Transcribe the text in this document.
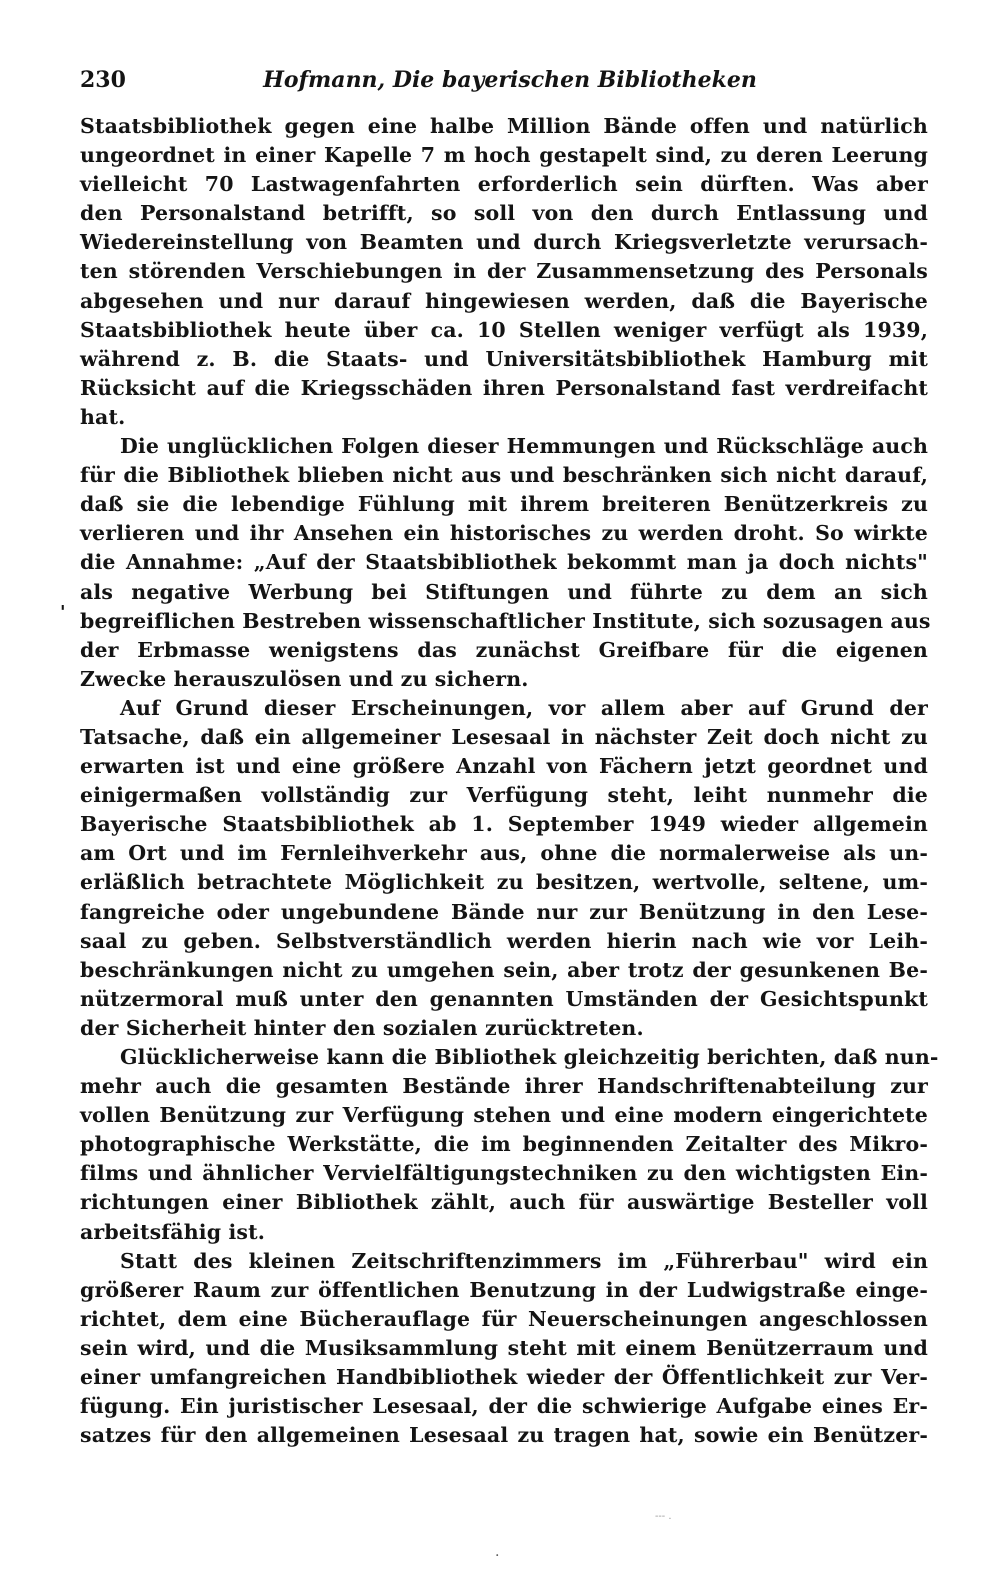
230	Hofmann, Die bayerischen Bibliotheken
'
Staatsbibliothek gegen eine halbe Million Bände offen und natürlich
ungeordnet in einer Kapelle 7 m hoch gestapelt sind, zu deren Leerung
vielleicht 70 Lastwagenfahrten erforderlich sein dürften. Was aber
den Personalstand betrifft, so soll von den durch Entlassung und
Wiedereinstellung von Beamten und durch Kriegsverletzte verursach-
ten störenden Verschiebungen in der Zusammensetzung des Personals
abgesehen und nur darauf hingewiesen werden, daß die Bayerische
Staatsbibliothek heute über ca. 10 Stellen weniger verfügt als 1939,
während z. B. die Staats- und Universitätsbibliothek Hamburg mit
Rücksicht auf die Kriegsschäden ihren Personalstand fast verdreifacht
hat.
Die unglücklichen Folgen dieser Hemmungen und Rückschläge auch
für die Bibliothek blieben nicht aus und beschränken sich nicht darauf,
daß sie die lebendige Fühlung mit ihrem breiteren Benützerkreis zu
verlieren und ihr Ansehen ein historisches zu werden droht. So wirkte
die Annahme: „Auf der Staatsbibliothek bekommt man ja doch nichts"
als negative Werbung bei Stiftungen und führte zu dem an sich
begreiflichen Bestreben wissenschaftlicher Institute, sich sozusagen aus
der Erbmasse wenigstens das zunächst Greifbare für die eigenen
Zwecke herauszulösen und zu sichern.
Auf Grund dieser Erscheinungen, vor allem aber auf Grund der
Tatsache, daß ein allgemeiner Lesesaal in nächster Zeit doch nicht zu
erwarten ist und eine größere Anzahl von Fächern jetzt geordnet und
einigermaßen vollständig zur Verfügung steht, leiht nunmehr die
Bayerische Staatsbibliothek ab 1. September 1949 wieder allgemein
am Ort und im Fernleihverkehr aus, ohne die normalerweise als un-
erläßlich betrachtete Möglichkeit zu besitzen, wertvolle, seltene, um-
fangreiche oder ungebundene Bände nur zur Benützung in den Lese-
saal zu geben. Selbstverständlich werden hierin nach wie vor Leih-
beschränkungen nicht zu umgehen sein, aber trotz der gesunkenen Be-
nützermoral muß unter den genannten Umständen der Gesichtspunkt
der Sicherheit hinter den sozialen zurücktreten.
Glücklicherweise kann die Bibliothek gleichzeitig berichten, daß nun-
mehr auch die gesamten Bestände ihrer Handschriftenabteilung zur
vollen Benützung zur Verfügung stehen und eine modern eingerichtete
photographische Werkstätte, die im beginnenden Zeitalter des Mikro-
films und ähnlicher Vervielfältigungstechniken zu den wichtigsten Ein-
richtungen einer Bibliothek zählt, auch für auswärtige Besteller voll
arbeitsfähig ist.
Statt des kleinen Zeitschriftenzimmers im „Führerbau" wird ein
größerer Raum zur öffentlichen Benutzung in der Ludwigstraße einge-
richtet, dem eine Bücherauflage für Neuerscheinungen angeschlossen
sein wird, und die Musiksammlung steht mit einem Benützerraum und
einer umfangreichen Handbibliothek wieder der Öffentlichkeit zur Ver-
fügung. Ein juristischer Lesesaal, der die schwierige Aufgabe eines Er-
satzes für den allgemeinen Lesesaal zu tragen hat, sowie ein Benützer-
--- .
.
